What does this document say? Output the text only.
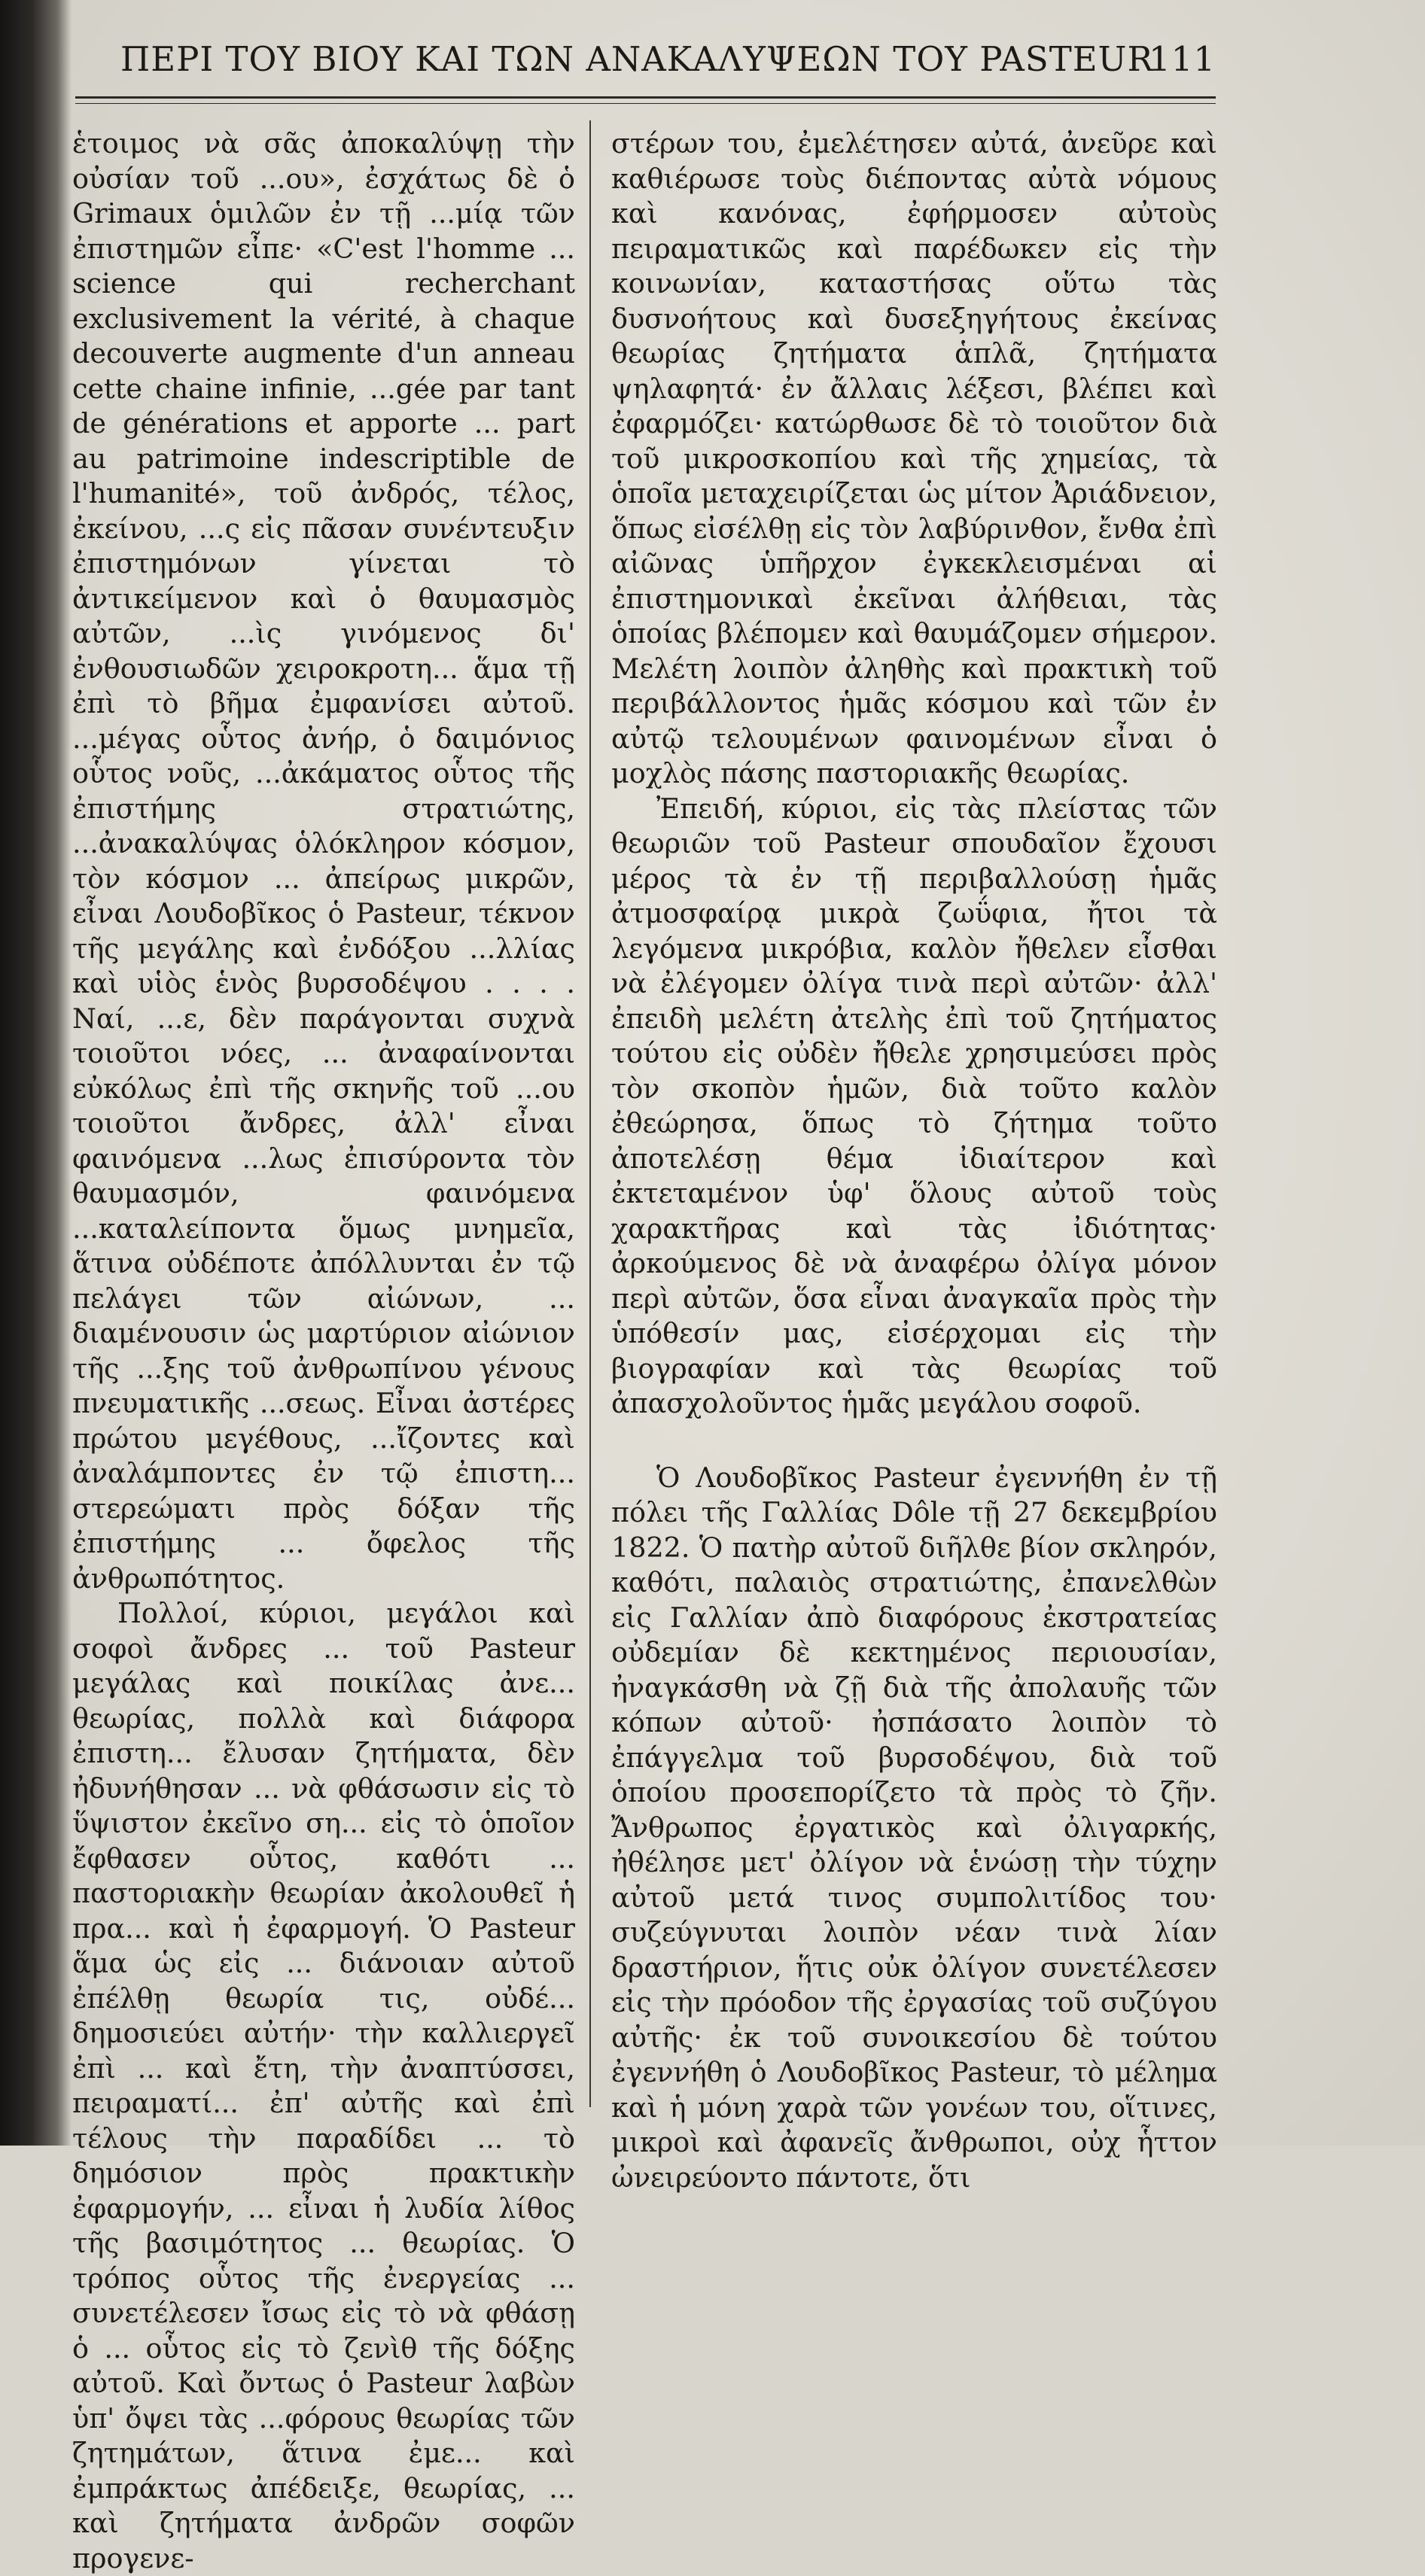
ΠΕΡΙ ΤΟΥ ΒΙΟΥ ΚΑΙ ΤΩΝ ΑΝΑΚΑΛΥΨΕΩΝ ΤΟΥ PASTEUR
111

ἑτοιμος νὰ σᾶς ἀποκαλύψῃ τὴν οὐσίαν τοῦ ...ου», ἐσχάτως δὲ ὁ Grimaux ὁμιλῶν ἐν τῇ ...μίᾳ τῶν ἐπιστημῶν εἶπε· «C'est l'homme ... science qui recherchant exclusivement la vérité, à chaque decouverte augmente d'un anneau cette chaine infinie, ...gée par tant de générations et apporte ... part au patrimoine indescriptible de l'humanité», τοῦ ἀνδρός, τέλος, ἐκείνου, ...ς εἰς πᾶσαν συνέντευξιν ἐπιστημόνων γίνεται τὸ ἀντικείμενον καὶ ὁ θαυμασμὸς αὐτῶν, ...ὶς γινόμενος δι' ἐνθουσιωδῶν χειροκροτη... ἅμα τῇ ἐπὶ τὸ βῆμα ἐμφανίσει αὐτοῦ. ...μέγας οὗτος ἀνήρ, ὁ δαιμόνιος οὗτος νοῦς, ...ἀκάματος οὗτος τῆς ἐπιστήμης στρατιώτης, ...ἀνακαλύψας ὁλόκληρον κόσμον, τὸν κόσμον ... ἀπείρως μικρῶν, εἶναι Λουδοβῖκος ὁ Pasteur, τέκνον τῆς μεγάλης καὶ ἐνδόξου ...λλίας καὶ υἱὸς ἑνὸς βυρσοδέψου . . . . Ναί, ...ε, δὲν παράγονται συχνὰ τοιοῦτοι νόες, ... ἀναφαίνονται εὐκόλως ἐπὶ τῆς σκηνῆς τοῦ ...ου τοιοῦτοι ἄνδρες, ἀλλ' εἶναι φαινόμενα ...λως ἐπισύροντα τὸν θαυμασμόν, φαινόμενα ...καταλείποντα ὅμως μνημεῖα, ἅτινα οὐδέποτε ἀπόλλυνται ἐν τῷ πελάγει τῶν αἰώνων, ... διαμένουσιν ὡς μαρτύριον αἰώνιον τῆς ...ξης τοῦ ἀνθρωπίνου γένους πνευματικῆς ...σεως. Εἶναι ἀστέρες πρώτου μεγέθους, ...ἴζοντες καὶ ἀναλάμποντες ἐν τῷ ἐπιστη... στερεώματι πρὸς δόξαν τῆς ἐπιστήμης ... ὄφελος τῆς ἀνθρωπότητος.

Πολλοί, κύριοι, μεγάλοι καὶ σοφοὶ ἄνδρες ... τοῦ Pasteur μεγάλας καὶ ποικίλας ἀνε... θεωρίας, πολλὰ καὶ διάφορα ἐπιστη... ἔλυσαν ζητήματα, δὲν ἠδυνήθησαν ... νὰ φθάσωσιν εἰς τὸ ὕψιστον ἐκεῖνο ση... εἰς τὸ ὁποῖον ἔφθασεν οὗτος, καθότι ... παστοριακὴν θεωρίαν ἀκολουθεῖ ἡ πρα... καὶ ἡ ἐφαρμογή. Ὁ Pasteur ἅμα ὡς εἰς ... διάνοιαν αὐτοῦ ἐπέλθῃ θεωρία τις, οὐδέ... δημοσιεύει αὐτήν· τὴν καλλιεργεῖ ἐπὶ ... καὶ ἔτη, τὴν ἀναπτύσσει, πειραματί... ἐπ' αὐτῆς καὶ ἐπὶ τέλους τὴν παραδίδει ... τὸ δημόσιον πρὸς πρακτικὴν ἐφαρμογήν, ... εἶναι ἡ λυδία λίθος τῆς βασιμότητος ... θεωρίας. Ὁ τρόπος οὗτος τῆς ἐνεργείας ... συνετέλεσεν ἴσως εἰς τὸ νὰ φθάσῃ ὁ ... οὗτος εἰς τὸ ζενὶθ τῆς δόξης αὐτοῦ. Καὶ ὄντως ὁ Pasteur λαβὼν ὑπ' ὄψει τὰς ...φόρους θεωρίας τῶν ζητημάτων, ἅτινα ἐμε... καὶ ἐμπράκτως ἀπέδειξε, θεωρίας, ... καὶ ζητήματα ἀνδρῶν σοφῶν προγενε-

στέρων του, ἐμελέτησεν αὐτά, ἀνεῦρε καὶ καθιέρωσε τοὺς διέποντας αὐτὰ νόμους καὶ κανόνας, ἐφήρμοσεν αὐτοὺς πειραματικῶς καὶ παρέδωκεν εἰς τὴν κοινωνίαν, καταστήσας οὕτω τὰς δυσνοήτους καὶ δυσεξηγήτους ἐκείνας θεωρίας ζητήματα ἁπλᾶ, ζητήματα ψηλαφητά· ἐν ἄλλαις λέξεσι, βλέπει καὶ ἐφαρμόζει· κατώρθωσε δὲ τὸ τοιοῦτον διὰ τοῦ μικροσκοπίου καὶ τῆς χημείας, τὰ ὁποῖα μεταχειρίζεται ὡς μίτον Ἀριάδνειον, ὅπως εἰσέλθῃ εἰς τὸν λαβύρινθον, ἔνθα ἐπὶ αἰῶνας ὑπῆρχον ἐγκεκλεισμέναι αἱ ἐπιστημονικαὶ ἐκεῖναι ἀλήθειαι, τὰς ὁποίας βλέπομεν καὶ θαυμάζομεν σήμερον. Μελέτη λοιπὸν ἀληθὴς καὶ πρακτικὴ τοῦ περιβάλλοντος ἡμᾶς κόσμου καὶ τῶν ἐν αὐτῷ τελουμένων φαινομένων εἶναι ὁ μοχλὸς πάσης παστοριακῆς θεωρίας.

Ἐπειδή, κύριοι, εἰς τὰς πλείστας τῶν θεωριῶν τοῦ Pasteur σπουδαῖον ἔχουσι μέρος τὰ ἐν τῇ περιβαλλούσῃ ἡμᾶς ἀτμοσφαίρᾳ μικρὰ ζωΰφια, ἤτοι τὰ λεγόμενα μικρόβια, καλὸν ἤθελεν εἶσθαι νὰ ἐλέγομεν ὀλίγα τινὰ περὶ αὐτῶν· ἀλλ' ἐπειδὴ μελέτη ἀτελὴς ἐπὶ τοῦ ζητήματος τούτου εἰς οὐδὲν ἤθελε χρησιμεύσει πρὸς τὸν σκοπὸν ἡμῶν, διὰ τοῦτο καλὸν ἐθεώρησα, ὅπως τὸ ζήτημα τοῦτο ἀποτελέσῃ θέμα ἰδιαίτερον καὶ ἐκτεταμένον ὑφ' ὅλους αὐτοῦ τοὺς χαρακτῆρας καὶ τὰς ἰδιότητας· ἀρκούμενος δὲ νὰ ἀναφέρω ὀλίγα μόνον περὶ αὐτῶν, ὅσα εἶναι ἀναγκαῖα πρὸς τὴν ὑπόθεσίν μας, εἰσέρχομαι εἰς τὴν βιογραφίαν καὶ τὰς θεωρίας τοῦ ἀπασχολοῦντος ἡμᾶς μεγάλου σοφοῦ.

Ὁ Λουδοβῖκος Pasteur ἐγεννήθη ἐν τῇ πόλει τῆς Γαλλίας Dôle τῇ 27 δεκεμβρίου 1822. Ὁ πατὴρ αὐτοῦ διῆλθε βίον σκληρόν, καθότι, παλαιὸς στρατιώτης, ἐπανελθὼν εἰς Γαλλίαν ἀπὸ διαφόρους ἐκστρατείας οὐδεμίαν δὲ κεκτημένος περιουσίαν, ἠναγκάσθη νὰ ζῇ διὰ τῆς ἀπολαυῆς τῶν κόπων αὐτοῦ· ἠσπάσατο λοιπὸν τὸ ἐπάγγελμα τοῦ βυρσοδέψου, διὰ τοῦ ὁποίου προσεπορίζετο τὰ πρὸς τὸ ζῆν. Ἄνθρωπος ἐργατικὸς καὶ ὀλιγαρκής, ἠθέλησε μετ' ὀλίγον νὰ ἑνώσῃ τὴν τύχην αὐτοῦ μετά τινος συμπολιτίδος του· συζεύγνυται λοιπὸν νέαν τινὰ λίαν δραστήριον, ἥτις οὐκ ὀλίγον συνετέλεσεν εἰς τὴν πρόοδον τῆς ἐργασίας τοῦ συζύγου αὐτῆς· ἐκ τοῦ συνοικεσίου δὲ τούτου ἐγεννήθη ὁ Λουδοβῖκος Pasteur, τὸ μέλημα καὶ ἡ μόνη χαρὰ τῶν γονέων του, οἵτινες, μικροὶ καὶ ἀφανεῖς ἄνθρωποι, οὐχ ἧττον ὠνειρεύοντο πάντοτε, ὅτι
